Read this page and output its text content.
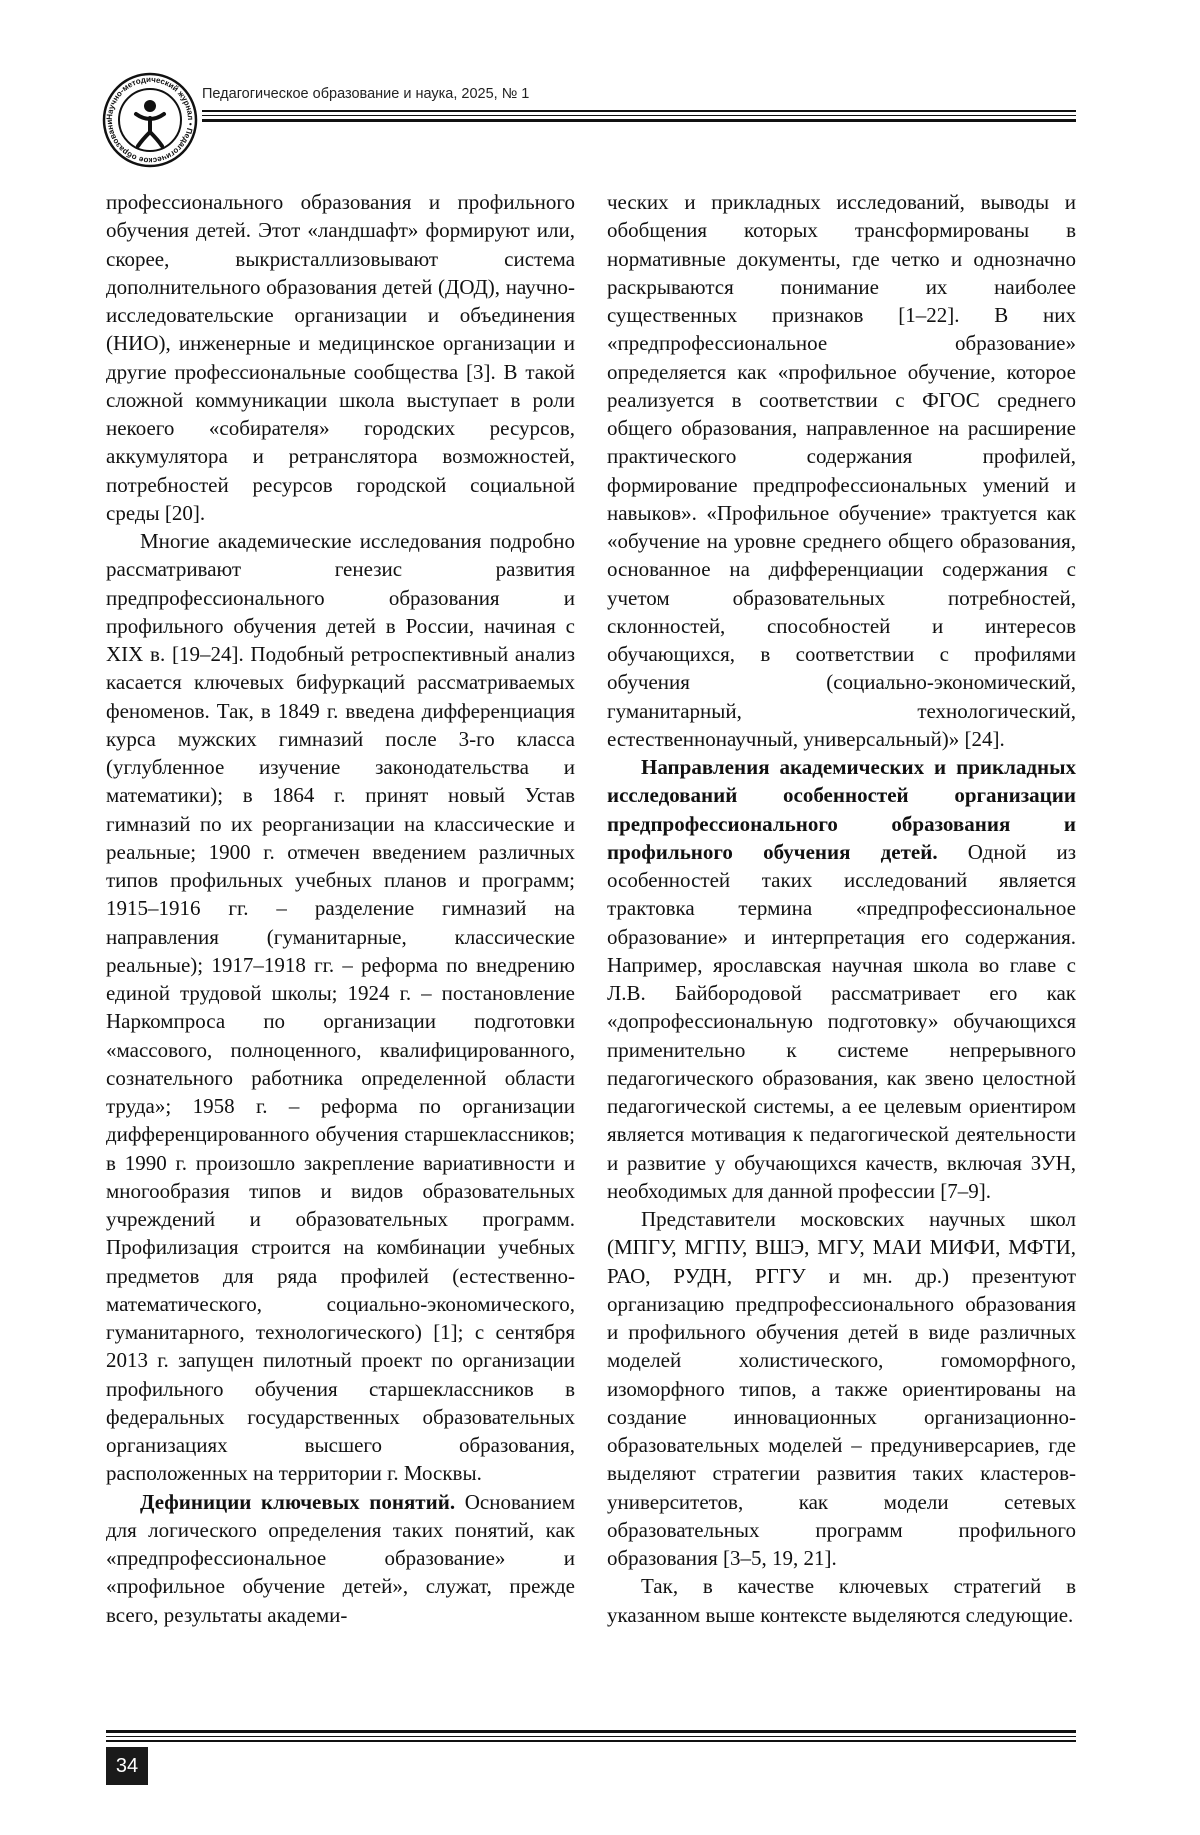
Научно-методический журнал • Педагогическое образовани
Педагогическое образование и наука, 2025, № 1

профессионального образования и профильного обучения детей. Этот «ландшафт» формируют или, скорее, выкристаллизовывают система дополнительного образования детей (ДОД), научно-исследовательские организации и объединения (НИО), инженерные и медицинское организации и другие профессиональные сообщества [3]. В такой сложной коммуникации школа выступает в роли некоего «собирателя» городских ресурсов, аккумулятора и ретранслятора возможностей, потребностей ресурсов городской социальной среды [20].

Многие академические исследования подробно рассматривают генезис развития предпрофессионального образования и профильного обучения детей в России, начиная с XIX в. [19–24]. Подобный ретроспективный анализ касается ключевых бифуркаций рассматриваемых феноменов. Так, в 1849 г. введена дифференциация курса мужских гимназий после 3-го класса (углубленное изучение законодательства и математики); в 1864 г. принят новый Устав гимназий по их реорганизации на классические и реальные; 1900 г. отмечен введением различных типов профильных учебных планов и программ; 1915–1916 гг. – разделение гимназий на направления (гуманитарные, классические реальные); 1917–1918 гг. – реформа по внедрению единой трудовой школы; 1924 г. – постановление Наркомпроса по организации подготовки «массового, полноценного, квалифицированного, сознательного работника определенной области труда»; 1958 г. – реформа по организации дифференцированного обучения старшеклассников; в 1990 г. произошло закрепление вариативности и многообразия типов и видов образовательных учреждений и образовательных программ. Профилизация строится на комбинации учебных предметов для ряда профилей (естественно-математического, социально-экономического, гуманитарного, технологического) [1]; с сентября 2013 г. запущен пилотный проект по организации профильного обучения старшеклассников в федеральных государственных образовательных организациях высшего образования, расположенных на территории г. Москвы.

Дефиниции ключевых понятий. Основанием для логического определения таких понятий, как «предпрофессиональное образование» и «профильное обучение детей», служат, прежде всего, результаты академи-

ческих и прикладных исследований, выводы и обобщения которых трансформированы в нормативные документы, где четко и однозначно раскрываются понимание их наиболее существенных признаков [1–22]. В них «предпрофессиональное образование» определяется как «профильное обучение, которое реализуется в соответствии с ФГОС среднего общего образования, направленное на расширение практического содержания профилей, формирование предпрофессиональных умений и навыков». «Профильное обучение» трактуется как «обучение на уровне среднего общего образования, основанное на дифференциации содержания с учетом образовательных потребностей, склонностей, способностей и интересов обучающихся, в соответствии с профилями обучения (социально-экономический, гуманитарный, технологический, естественнонаучный, универсальный)» [24].

Направления академических и прикладных исследований особенностей организации предпрофессионального образования и профильного обучения детей. Одной из особенностей таких исследований является трактовка термина «предпрофессиональное образование» и интерпретация его содержания. Например, ярославская научная школа во главе с Л.В. Байбородовой рассматривает его как «допрофессиональную подготовку» обучающихся применительно к системе непрерывного педагогического образования, как звено целостной педагогической системы, а ее целевым ориентиром является мотивация к педагогической деятельности и развитие у обучающихся качеств, включая ЗУН, необходимых для данной профессии [7–9].

Представители московских научных школ (МПГУ, МГПУ, ВШЭ, МГУ, МАИ МИФИ, МФТИ, РАО, РУДН, РГГУ и мн. др.) презентуют организацию предпрофессионального образования и профильного обучения детей в виде различных моделей холистического, гомоморфного, изоморфного типов, а также ориентированы на создание инновационных организационно-образовательных моделей – предуниверсариев, где выделяют стратегии развития таких кластеров-университетов, как модели сетевых образовательных программ профильного образования [3–5, 19, 21].

Так, в качестве ключевых стратегий в указанном выше контексте выделяются следующие.

34
